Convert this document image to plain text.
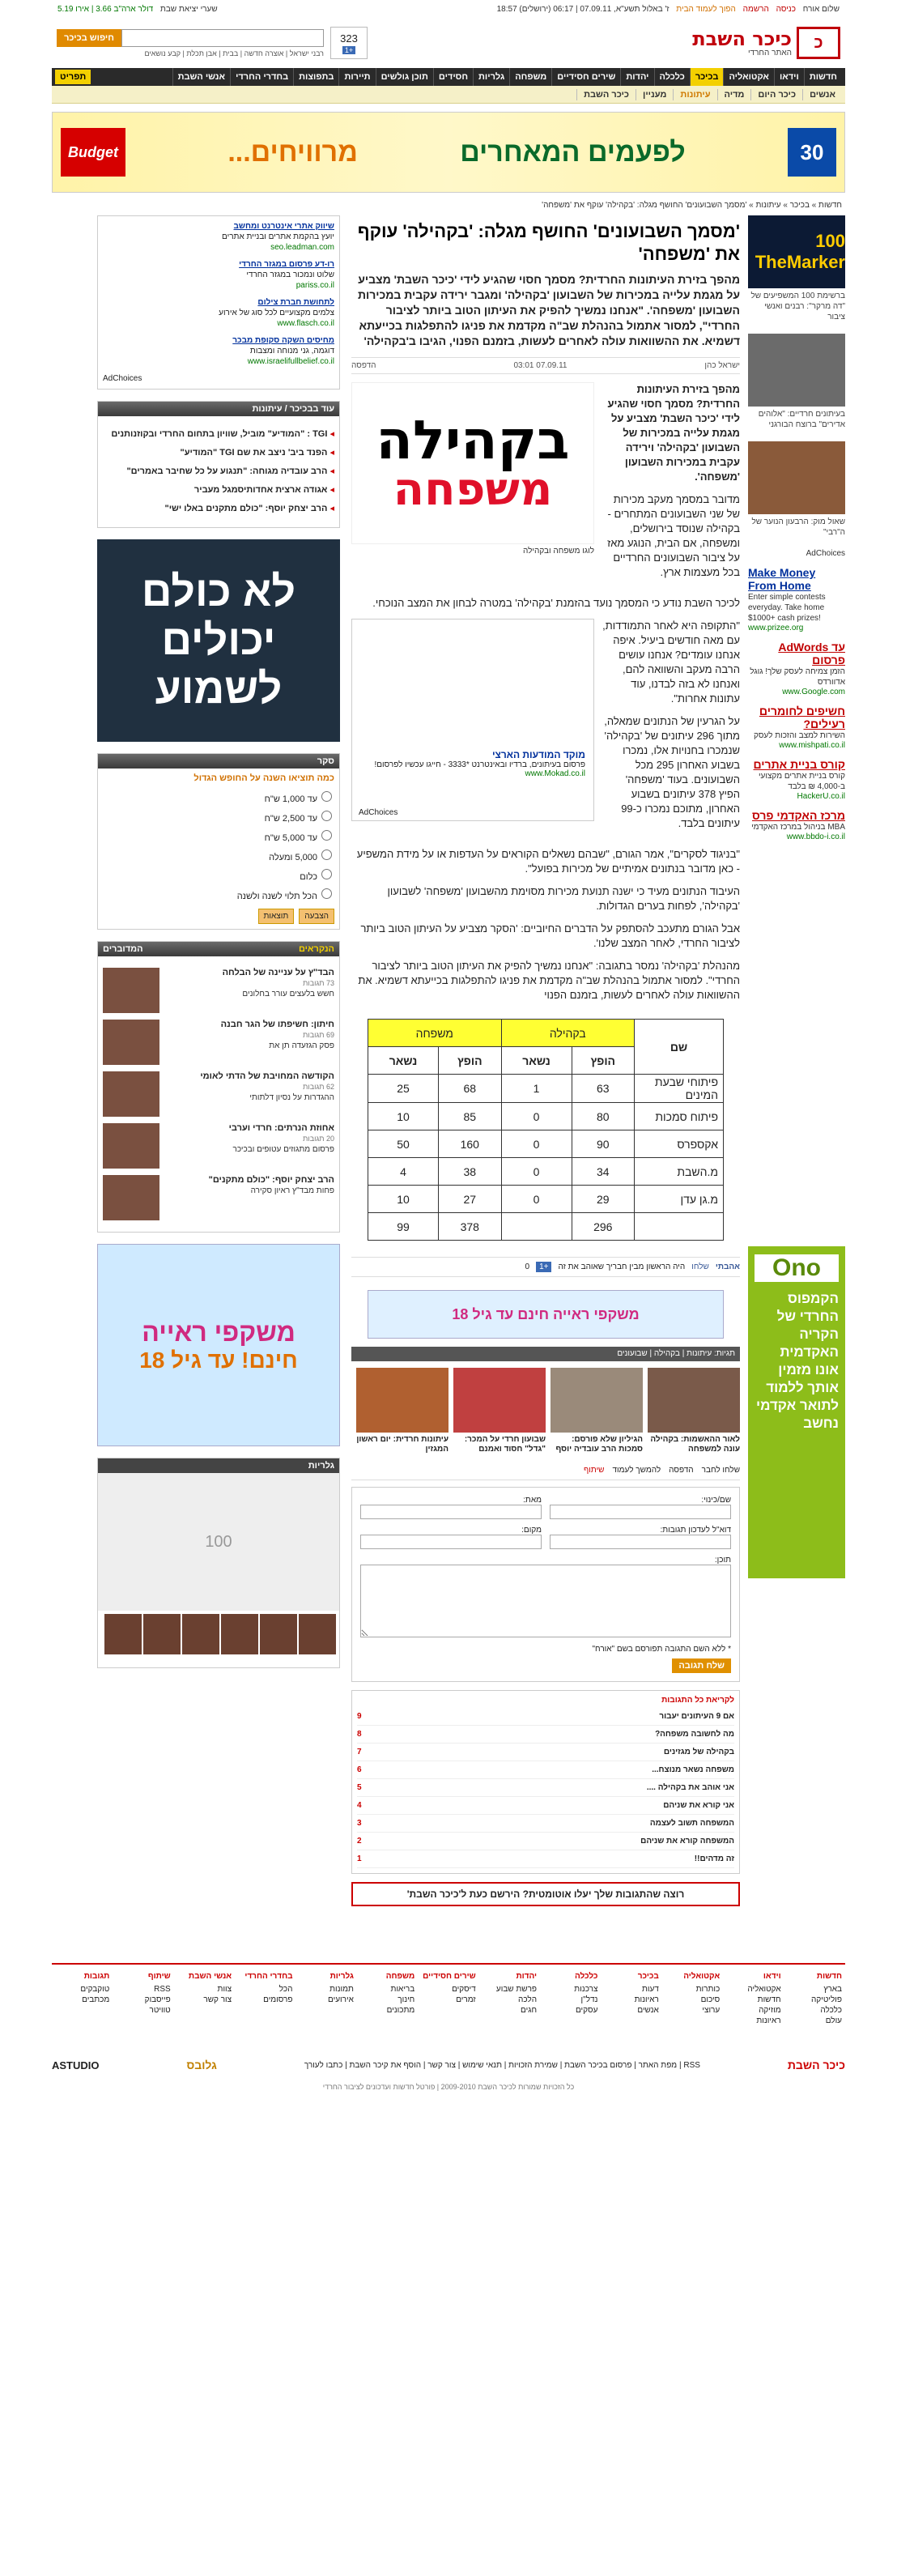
שלום אורח כניסה הרשמה הפוך לעמוד הבית ז' באלול תשע"א, 07.09.11 | 06:17 (ירושלים) 18:57
שערי יציאת שבת דולר ארה"ב 3.66 | אירו 5.19
כ
כיכר השבת
האתר החרדי
323
+1
חיפוש בכיכר
רבני ישראל | אוצרה חדשה | בבית | אבן תכלת | קבע נושאים
חדשות
וידאו
אקטואליה
בכיכר
כלכלה
יהדות
שירים חסידיים
משפחה
גלריות
חסידים
תוכן גולשים
תיירות
בתפוצות
בחדרי החרדי
אנשי השבת
תפריט
אנשים
כיכר היום
מדיה
עיתונות
מעניין
כיכר השבת
30
לפעמים המאחרים
מרוויחים...
Budget
חדשות » בכיכר » עיתונות » 'מסמך השבועונים' החושף מגלה: 'בקהילה' עוקף את 'משפחה'
100 TheMarker
ברשימת 100 המשפיעים של "דה מרקר": רבנים ואנשי ציבור
בעיתונים חרדיים: "אלוהים אדירים" ברוצח הבורגני
שאול מוק: הרבעון הנוער של ה"רבי"
AdChoices
Make Money From Home
Enter simple contests everyday. Take home $1000+ cash prizes!
www.prizee.org
עד AdWords פרסום
הזמן צמיחה לעסק שלך! גוגל אדוורדס
www.Google.com
חשיפים לחומרים רעילים?
השירות למצב והזכות לעסק
www.mishpati.co.il
קורס בניית אתרים
קורס בניית אתרים מקצועי ב-4,000 ₪ בלבד
HackerU.co.il
מרכז האקדמי פרס
MBA בניהול במרכז האקדמי
www.bbdo-i.co.il
Ono
הקמפוס החרדי של הקריה האקדמית אונו מזמין אותך ללמוד לתואר אקדמי נחשב
'מסמך השבועונים' החושף מגלה: 'בקהילה' עוקף את 'משפחה'
מהפך בזירת העיתונות החרדית? מסמך חסוי שהגיע לידי 'כיכר השבת' מצביע על מגמת עלייה במכירות של השבועון 'בקהילה' ומגבר ירידה עקבית במכירות השבועון 'משפחה'. "אנחנו נמשיך להפיק את העיתון הטוב ביותר לציבור החרדי", למסור אתמול בהנהלת שב"ה מקדמת את פניגו להתפלגות בכייעתא דשמיא. את ההשוואות עולה לאחרים לעשות, בזמנם הפנוי, הגיבו ב'בקהילה'
ישראל כהן
07.09.11 03:01
הדפסה
מהפך בזירת העיתונות החרדית? מסמך חסוי שהגיע לידי 'כיכר השבת' מצביע על מגמת עלייה במכירות של השבועון 'בקהילה' וירידה עקבית במכירות השבועון 'משפחה'.
מדובר במסמך מעקב מכירות של שני השבועונים המתחרים - בקהילה שנוסד בירושלים, ומשפחה, אם הבית, הנוגע מאז על ציבור השבועונים החרדיים בכל מעצמות ארץ.
בקהילה
משפחה
לוגו משפחה ובקהילה
לכיכר השבת נודע כי המסמך נועד בהזמנת 'בקהילה' במטרה לבחון את המצב הנוכחי.
"התקופה היא לאחר התמודדות, עם מאה חודשים ביעיל. איפה אנחנו עומדים? אנחנו עושים הרבה מעקב והשוואה להם, ואנחנו לא בזה לבדנו, עוד עתונות אחרות".
על הגרעין של הנתונים שמאלה, מתוך 296 עיתונים של 'בקהילה' שנמכרו בחנויות אלו, נמכרו בשבוע האחרון 295 מכל השבועונים. בעוד 'משפחה' הפיץ 378 עיתונים בשבוע האחרון, מתוכם נמכרו כ-99 עיתונים בלבד.
מוקד המודעות הארצי
פרסום בעיתונים, ברדיו ובאינטרנט *3333 - חייגו עכשיו לפרסום!
www.Mokad.co.il
AdChoices
"בניגוד לסקרים", אמר הגורם, "שבהם נשאלים הקוראים על העדפות או על מידת המשפיע - כאן מדובר בנתונים אמיתיים של מכירות בפועל".
העיבוד הנתונים מעיד כי ישנה תנועת מכירות מסוימת מהשבועון 'משפחה' לשבועון 'בקהילה', לפחות בערים הגדולות.
אבל הגורם מתעכב להסתפק על הדברים החיוביים: 'הסקר מצביע על העיתון הטוב ביותר לציבור החרדי, לאחר המצב שלנו'.
מהנהלת 'בקהילה' נמסר בתגובה: "אנחנו נמשיך להפיק את העיתון הטוב ביותר לציבור החרדי". למסור אתמול בהנהלת שב"ה מקדמת את פניגו להתפלגות בכייעתא דשמיא. את ההשוואות עולה לאחרים לעשות, בזמנם הפנוי
שם	בקהילה		משפחה	
	הופץ	נשאר	הופץ	נשאר
פיתוחי שבעת המינים	63	1	68	25
פיתוח סמכות	80	0	85	10
אקספרס	90	0	160	50
מ.השבת	34	0	38	4
מ.גן עדן	29	0	27	10
	296		378	99
אהבתי
שלחו
היה הראשון מבין חבריך שאוהב את זה
+1
0
משקפי ראייה חינם עד גיל 18
תגיות: עיתונות | בקהילה | שבועונים
לאור ההאשמות: בקהילה עונה למשפחה
הגיליון שלא פורסם: סמכות הרב עובדיה יוסף
שבועון חרדי על המכר: "גדל" חסוד ואמנם
עיתונות חרדית: יום ראשון המגזין
שלחו לחבר
הדפסה
להמשך לעמוד
שיתוף
שם/כינוי:
מאת:
דוא"ל לעדכון תגובות:
מקום:
תוכן:
* ללא השם התגובה תפורסם בשם "אורח"
שלח תגובה
לקריאת כל התגובות
אם 9 העיתונים יעבור
9
מה לחשובה משפחה?
8
בקהילה של מגזינים
7
משפחה נשאר מנוצח...
6
אני אוהב את בקהילה ....
5
אני קורא את שניהם
4
המשפחה תשוב לעצמה
3
המשפחה קורא את שניהם
2
זה מדהים!!
1
רוצה שהתגובות שלך יעלו אוטומטית? הירשם כעת ל'כיכר השבת'
שיווק אתרי אינטרנט ומחשב
יועץ בהקמת אתרים ובניית אתרים
seo.leadman.com
רו-דע פרסום במגזר החרדי
שלוט ונמכור במגזר החרדי
pariss.co.il
לתחושת חברת צילום
צלמים מקצועיים לכל סוג של אירוע
www.flasch.co.il
מחיסים השקה סקופת מבכר
דוגמה, גני מנוחה ומצבות
www.israelifullbelief.co.il
AdChoices
עוד בבכיכר / עיתונות
◂ TGI : "המודיע" מוביל, שוויון בתחום החרדי ובקוזנותנים
◂ הפנד ביב' ניצב את שם TGI "המודיע"
◂ הרב עובדיה מגוחה: "תנגוע על כל שחיבר באמרים"
◂ אגודה ארצית אחדותיסמגל מעביר
◂ הרב יצחק יוסף: "כולם מתקנים באלו ישי"
לא כולם יכולים לשמוע
סקר
כמה תוציאו השנה על החופש הגדול
עד 1,000 ש"ח
עד 2,500 ש"ח
עד 5,000 ש"ח
5,000 ומעלה
כלום
הכל תלוי לשנה ולשנה
הצבעה
תוצאות
הנקראים
המדוברים
הבד"ץ על עניינה של הבלחה
73 תגובות
חשש בלעצים עורר בחלונים
חיתון: חשיפתו של הגר חבנה
69 תגובות
פסק הגזעדה תן את
הקודשה המחויבת של הדתי לאומי
62 תגובות
ההגדרות על נסיון דלתותי
אחוזת הנרתים: חרדי וערבי
20 תגובות
פרסום מתגוזים עטופים ובכיכר
הרב יצחק יוסף: "כולם מתקנים"
פחות מבד"ץ ראיון סקירה
משקפי ראייה
חינם! עד גיל 18
גלריות
100
חדשות
בארץ
פוליטיקה
כלכלה
עולם
וידאו
אקטואליה
חדשות
מוזיקה
ראיונות
אקטואליה
כותרות
סיכום
ערוצי
בכיכר
דעות
ראיונות
אנשים
כלכלה
צרכנות
נדל"ן
עסקים
יהדות
פרשת שבוע
הלכה
חגים
שירים חסידיים
דיסקים
זמרים
משפחה
בריאות
חינוך
מתכונים
גלריות
תמונות
אירועים
בחדרי החרדי
הכל
פרסומים
אנשי השבת
צוות
צור קשר
שיתוף
RSS
פייסבוק
טוויטר
תגובות
טוקבקים
מכתבים
כיכר השבת
RSS | מפת האתר | פרסום בכיכר השבת | שמירת הזכויות | תנאי שימוש | צור קשר | הוסף את קיכר השבת | כתבו לעורך
גלובס
ASTUDIO
כל הזכויות שמורות לכיכר השבת 2009-2010 | פורטל חדשות ועדכונים לציבור החרדי
